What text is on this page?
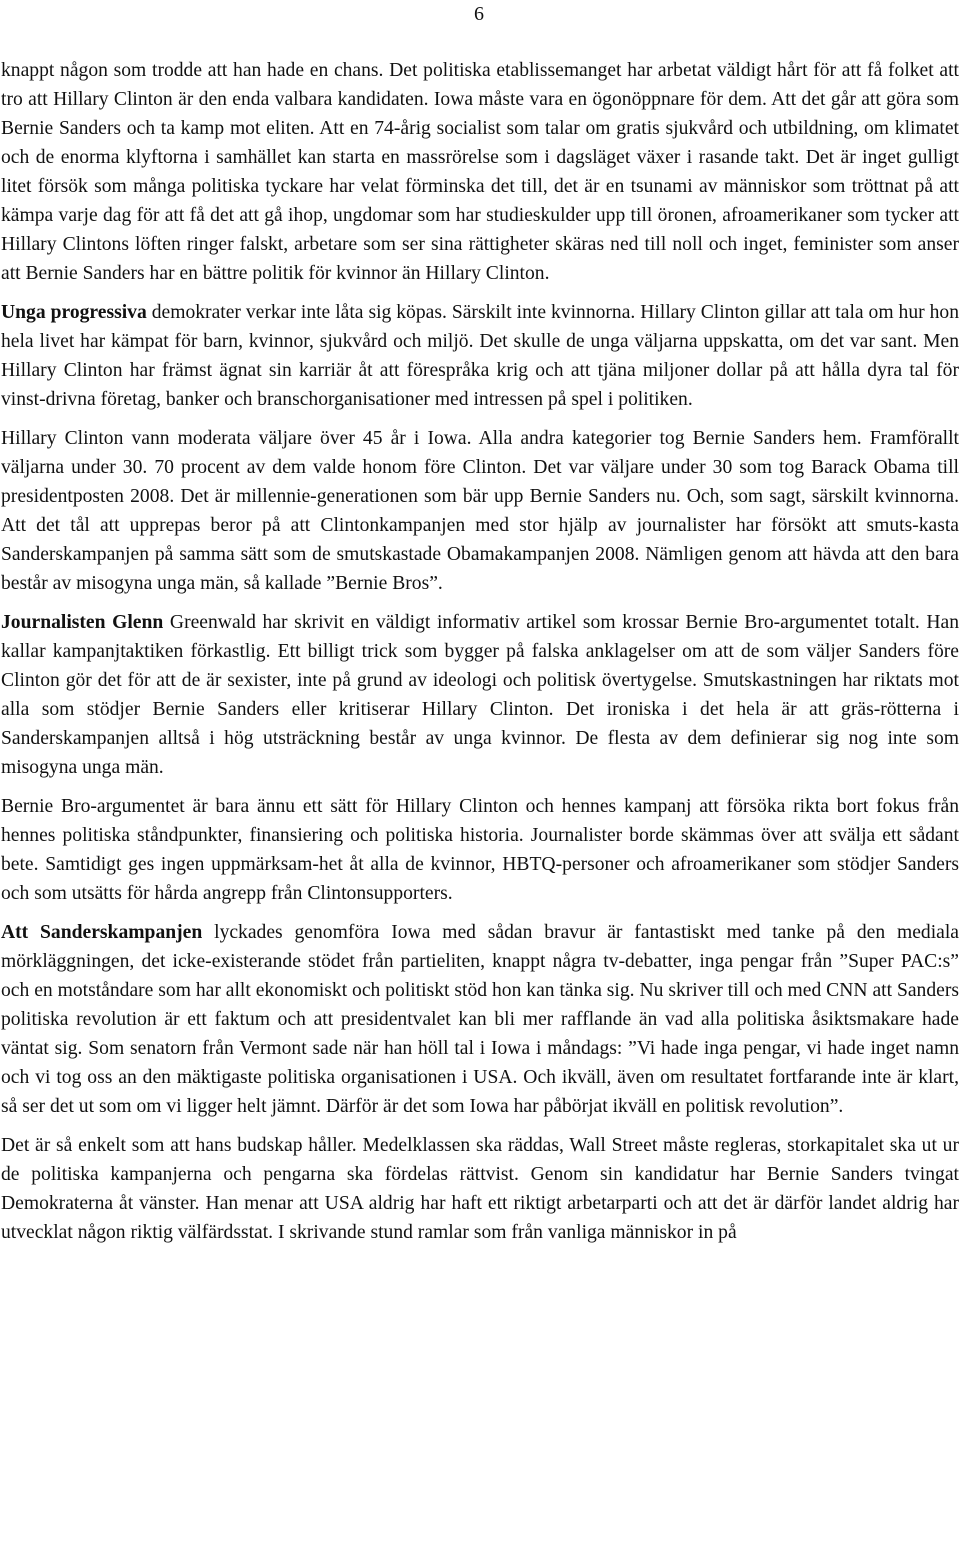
6

knappt någon som trodde att han hade en chans. Det politiska etablissemanget har arbetat väldigt hårt för att få folket att tro att Hillary Clinton är den enda valbara kandidaten. Iowa måste vara en ögonöppnare för dem. Att det går att göra som Bernie Sanders och ta kamp mot eliten. Att en 74-årig socialist som talar om gratis sjukvård och utbildning, om klimatet och de enorma klyftorna i samhället kan starta en massrörelse som i dagsläget växer i rasande takt. Det är inget gulligt litet försök som många politiska tyckare har velat förminska det till, det är en tsunami av människor som tröttnat på att kämpa varje dag för att få det att gå ihop, ungdomar som har studieskulder upp till öronen, afroamerikaner som tycker att Hillary Clintons löften ringer falskt, arbetare som ser sina rättigheter skäras ned till noll och inget, feminister som anser att Bernie Sanders har en bättre politik för kvinnor än Hillary Clinton.

Unga progressiva demokrater verkar inte låta sig köpas. Särskilt inte kvinnorna. Hillary Clinton gillar att tala om hur hon hela livet har kämpat för barn, kvinnor, sjukvård och miljö. Det skulle de unga väljarna uppskatta, om det var sant. Men Hillary Clinton har främst ägnat sin karriär åt att förespråka krig och att tjäna miljoner dollar på att hålla dyra tal för vinst-drivna företag, banker och branschorganisationer med intressen på spel i politiken.

Hillary Clinton vann moderata väljare över 45 år i Iowa. Alla andra kategorier tog Bernie Sanders hem. Framförallt väljarna under 30. 70 procent av dem valde honom före Clinton. Det var väljare under 30 som tog Barack Obama till presidentposten 2008. Det är millennie-generationen som bär upp Bernie Sanders nu. Och, som sagt, särskilt kvinnorna. Att det tål att upprepas beror på att Clintonkampanjen med stor hjälp av journalister har försökt att smuts-kasta Sanderskampanjen på samma sätt som de smutskastade Obamakampanjen 2008. Nämligen genom att hävda att den bara består av misogyna unga män, så kallade ”Bernie Bros”.

Journalisten Glenn Greenwald har skrivit en väldigt informativ artikel som krossar Bernie Bro-argumentet totalt. Han kallar kampanjtaktiken förkastlig. Ett billigt trick som bygger på falska anklagelser om att de som väljer Sanders före Clinton gör det för att de är sexister, inte på grund av ideologi och politisk övertygelse. Smutskastningen har riktats mot alla som stödjer Bernie Sanders eller kritiserar Hillary Clinton. Det ironiska i det hela är att gräs-rötterna i Sanderskampanjen alltså i hög utsträckning består av unga kvinnor. De flesta av dem definierar sig nog inte som misogyna unga män.

Bernie Bro-argumentet är bara ännu ett sätt för Hillary Clinton och hennes kampanj att försöka rikta bort fokus från hennes politiska ståndpunkter, finansiering och politiska historia. Journalister borde skämmas över att svälja ett sådant bete. Samtidigt ges ingen uppmärksam-het åt alla de kvinnor, HBTQ-personer och afroamerikaner som stödjer Sanders och som utsätts för hårda angrepp från Clintonsupporters.

Att Sanderskampanjen lyckades genomföra Iowa med sådan bravur är fantastiskt med tanke på den mediala mörkläggningen, det icke-existerande stödet från partieliten, knappt några tv-debatter, inga pengar från ”Super PAC:s” och en motståndare som har allt ekonomiskt och politiskt stöd hon kan tänka sig. Nu skriver till och med CNN att Sanders politiska revolution är ett faktum och att presidentvalet kan bli mer rafflande än vad alla politiska åsiktsmakare hade väntat sig. Som senatorn från Vermont sade när han höll tal i Iowa i måndags: ”Vi hade inga pengar, vi hade inget namn och vi tog oss an den mäktigaste politiska organisationen i USA. Och ikväll, även om resultatet fortfarande inte är klart, så ser det ut som om vi ligger helt jämnt. Därför är det som Iowa har påbörjat ikväll en politisk revolution”.

Det är så enkelt som att hans budskap håller. Medelklassen ska räddas, Wall Street måste regleras, storkapitalet ska ut ur de politiska kampanjerna och pengarna ska fördelas rättvist. Genom sin kandidatur har Bernie Sanders tvingat Demokraterna åt vänster. Han menar att USA aldrig har haft ett riktigt arbetarparti och att det är därför landet aldrig har utvecklat någon riktig välfärdsstat. I skrivande stund ramlar som från vanliga människor in på
